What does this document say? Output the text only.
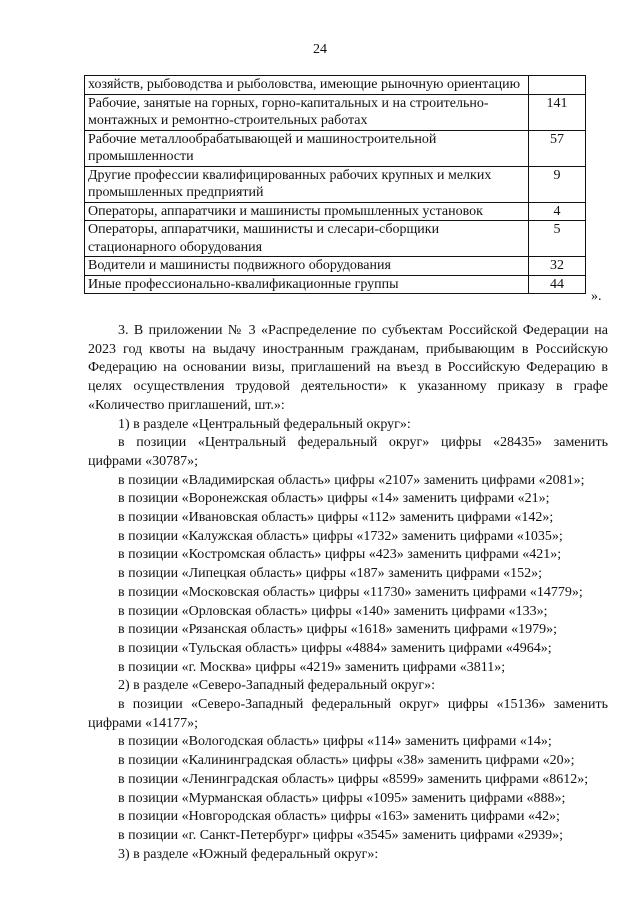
24
хозяйств, рыбоводства и рыболовства, имеющие рыночную ориентацию	
Рабочие, занятые на горных, горно-капитальных и на строительно-монтажных и ремонтно-строительных работах	141
Рабочие металлообрабатывающей и машиностроительной промышленности	57
Другие профессии квалифицированных рабочих крупных и мелких промышленных предприятий	9
Операторы, аппаратчики и машинисты промышленных установок	4
Операторы, аппаратчики, машинисты и слесари-сборщики стационарного оборудования	5
Водители и машинисты подвижного оборудования	32
Иные профессионально-квалификационные группы	44
».

3. В приложении № 3 «Распределение по субъектам Российской Федерации на 2023 год квоты на выдачу иностранным гражданам, прибывающим в Российскую Федерацию на основании визы, приглашений на въезд в Российскую Федерацию в целях осуществления трудовой деятельности» к указанному приказу в графе «Количество приглашений, шт.»:

1) в разделе «Центральный федеральный округ»:

в позиции «Центральный федеральный округ» цифры «28435» заменить цифрами «30787»;

в позиции «Владимирская область» цифры «2107» заменить цифрами «2081»;

в позиции «Воронежская область» цифры «14» заменить цифрами «21»;

в позиции «Ивановская область» цифры «112» заменить цифрами «142»;

в позиции «Калужская область» цифры «1732» заменить цифрами «1035»;

в позиции «Костромская область» цифры «423» заменить цифрами «421»;

в позиции «Липецкая область» цифры «187» заменить цифрами «152»;

в позиции «Московская область» цифры «11730» заменить цифрами «14779»;

в позиции «Орловская область» цифры «140» заменить цифрами «133»;

в позиции «Рязанская область» цифры «1618» заменить цифрами «1979»;

в позиции «Тульская область» цифры «4884» заменить цифрами «4964»;

в позиции «г. Москва» цифры «4219» заменить цифрами «3811»;

2) в разделе «Северо-Западный федеральный округ»:

в позиции «Северо-Западный федеральный округ» цифры «15136» заменить цифрами «14177»;

в позиции «Вологодская область» цифры «114» заменить цифрами «14»;

в позиции «Калининградская область» цифры «38» заменить цифрами «20»;

в позиции «Ленинградская область» цифры «8599» заменить цифрами «8612»;

в позиции «Мурманская область» цифры «1095» заменить цифрами «888»;

в позиции «Новгородская область» цифры «163» заменить цифрами «42»;

в позиции «г. Санкт-Петербург» цифры «3545» заменить цифрами «2939»;

3) в разделе «Южный федеральный округ»:
